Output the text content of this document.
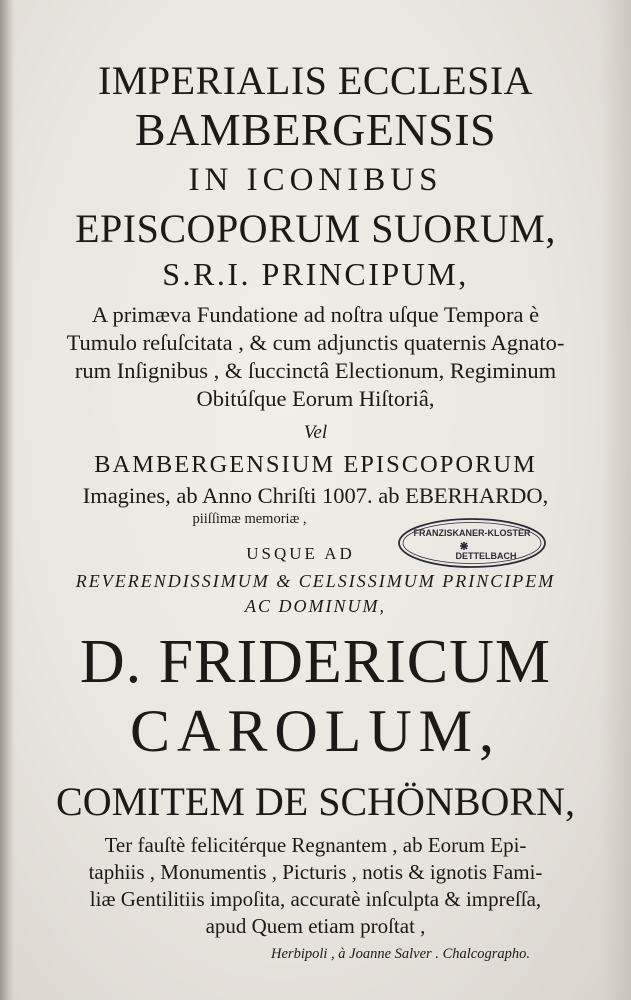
IMPERIALIS ECCLESIA
BAMBERGENSIS
IN ICONIBUS
EPISCOPORUM SUORUM,
S.R.I. PRINCIPUM,
A primæva Fundatione ad noſtra uſque Tempora è
Tumulo reſuſcitata , & cum adjunctis quaternis Agnato-
rum Inſignibus , & ſuccinctâ Electionum, Regiminum
Obitúſque Eorum Hiſtoriâ,
Vel
BAMBERGENSIUM EPISCOPORUM
Imagines, ab Anno Chriſti 1007. ab EBERHARDO,
piiſſimæ memoriæ ,
FRANZISKANER-KLOSTER
DETTELBACH
USQUE AD
REVERENDISSIMUM & CELSISSIMUM PRINCIPEM
AC DOMINUM,
D. FRIDERICUM
CAROLUM,
COMITEM DE SCHÖNBORN,
Ter fauſtè felicitérque Regnantem , ab Eorum Epi-
taphiis , Monumentis , Picturis , notis & ignotis Fami-
liæ Gentilitiis impoſita, accuratè inſculpta & impreſſa,
apud Quem etiam proſtat ,
Herbipoli , à Joanne Salver . Chalcographo.
